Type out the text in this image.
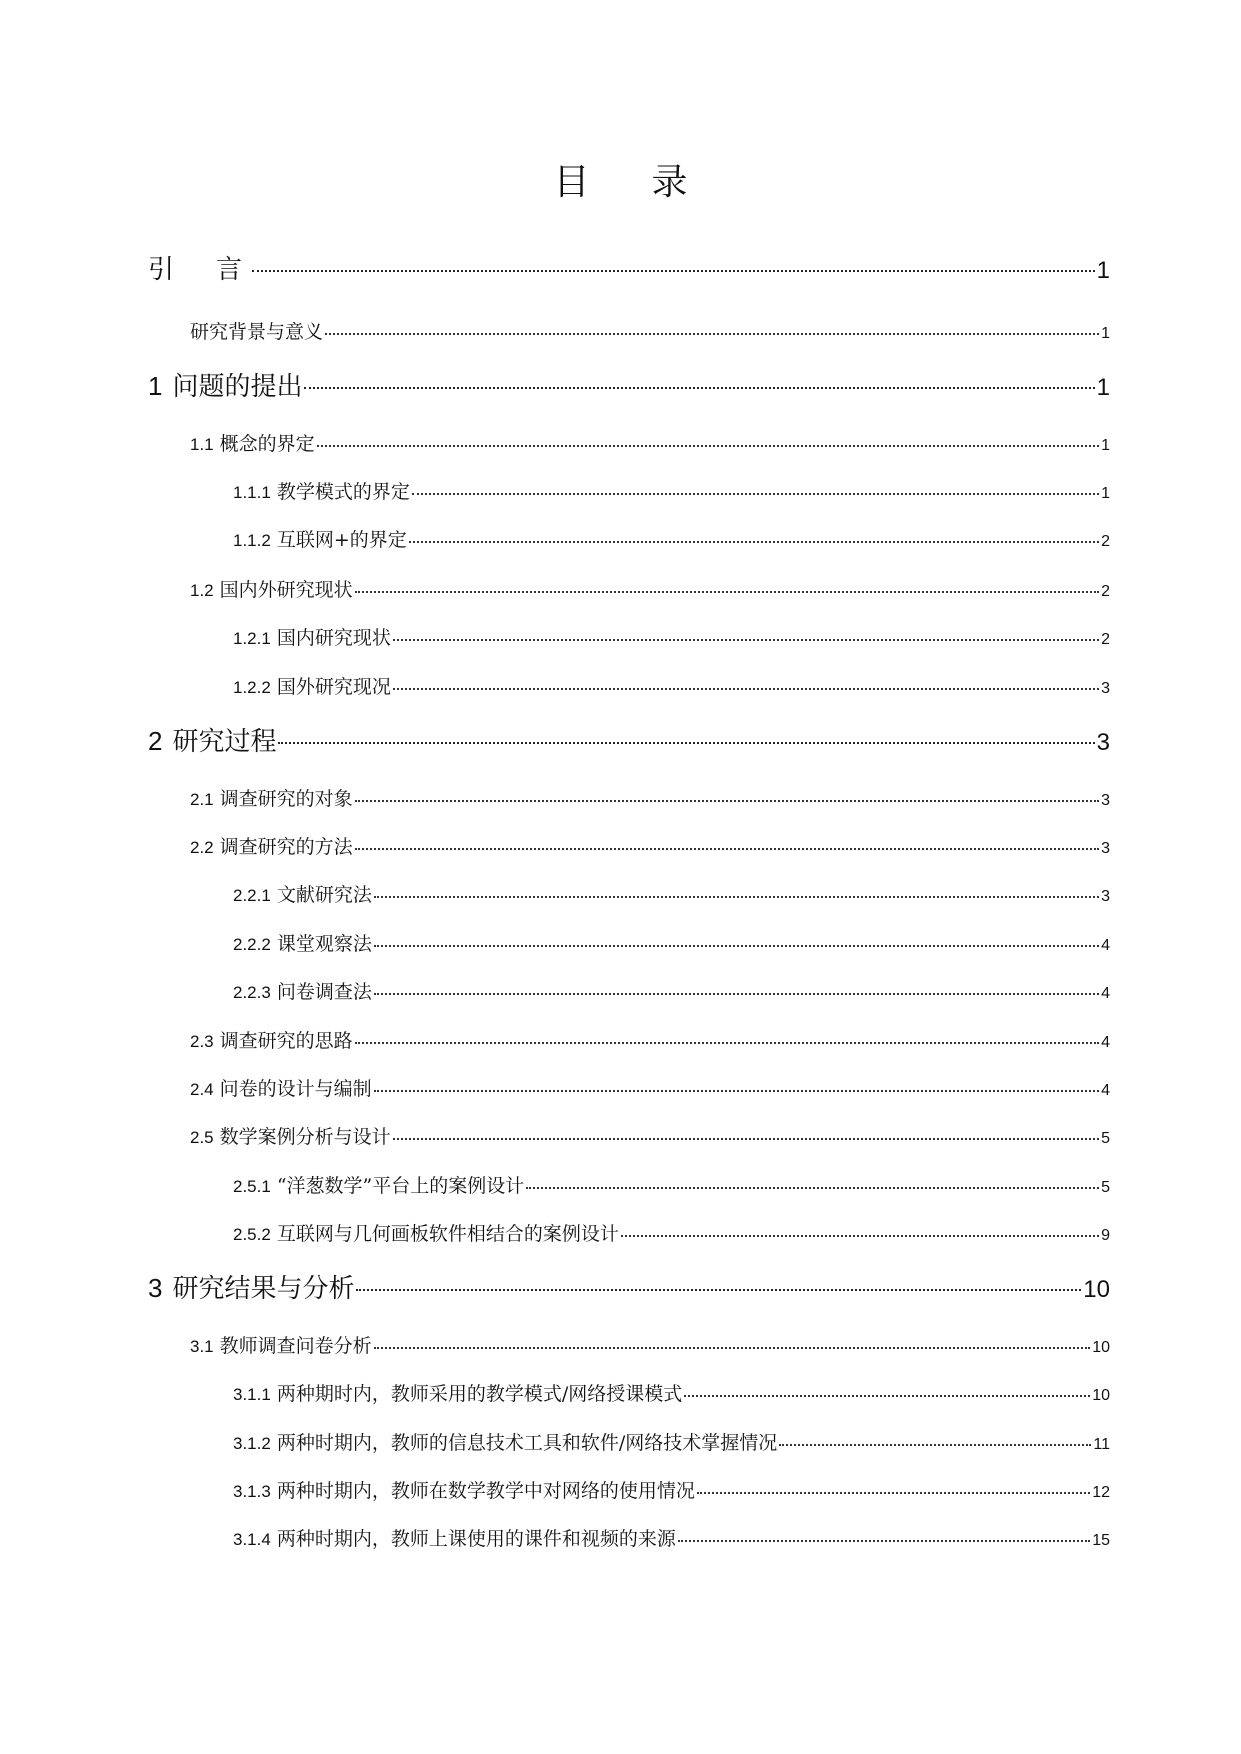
目 录
引　言	1
研究背景与意义	1
1 问题的提出	1
1.1 概念的界定	1
1.1.1 教学模式的界定	1
1.1.2 互联网+的界定	2
1.2 国内外研究现状	2
1.2.1 国内研究现状	2
1.2.2 国外研究现况	3
2 研究过程	3
2.1 调查研究的对象	3
2.2 调查研究的方法	3
2.2.1 文献研究法	3
2.2.2 课堂观察法	4
2.2.3 问卷调查法	4
2.3 调查研究的思路	4
2.4 问卷的设计与编制	4
2.5 数学案例分析与设计	5
2.5.1 “洋葱数学”平台上的案例设计	5
2.5.2 互联网与几何画板软件相结合的案例设计	9
3 研究结果与分析	10
3.1 教师调查问卷分析	10
3.1.1 两种期时内，教师采用的教学模式/网络授课模式	10
3.1.2 两种时期内，教师的信息技术工具和软件/网络技术掌握情况	11
3.1.3 两种时期内，教师在数学教学中对网络的使用情况	12
3.1.4 两种时期内，教师上课使用的课件和视频的来源	15
